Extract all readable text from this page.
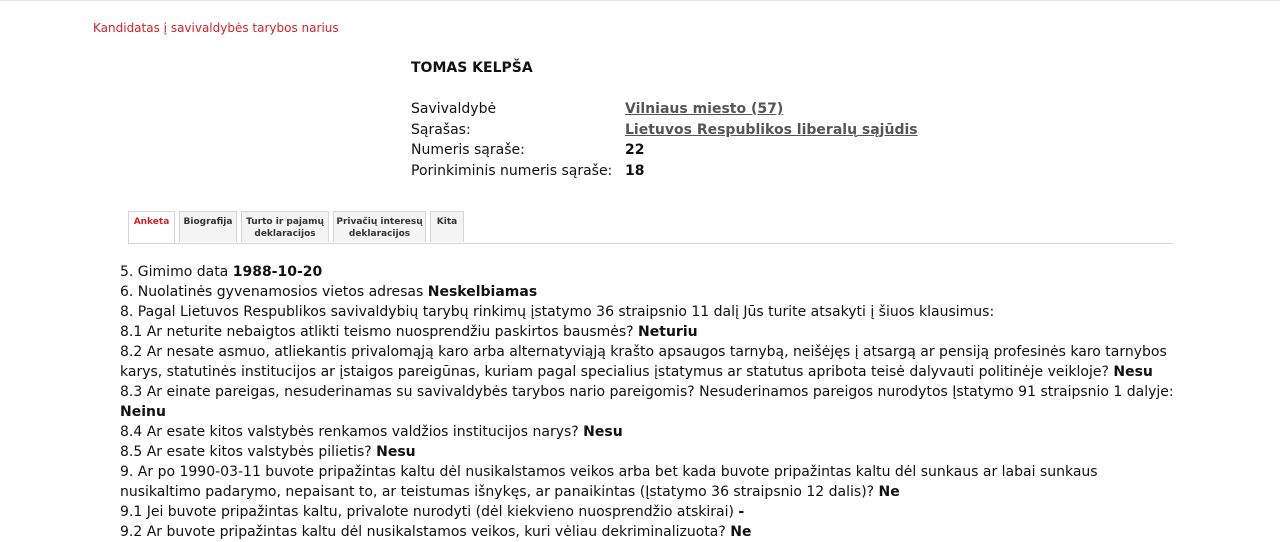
Kandidatas į savivaldybės tarybos narius
TOMAS KELPŠA
Savivaldybė	Vilniaus miesto (57)
Sąrašas:	Lietuvos Respublikos liberalų sąjūdis
Numeris sąraše:	22
Porinkiminis numeris sąraše: 18
Anketa	Biografija	Turto ir pajamų
deklaracijos
Privačių interesų
deklaracijos
Kita
5. Gimimo data 1988-10-20
6. Nuolatinės gyvenamosios vietos adresas Neskelbiamas
8. Pagal Lietuvos Respublikos savivaldybių tarybų rinkimų įstatymo 36 straipsnio 11 dalį Jūs turite atsakyti į šiuos klausimus:
8.1 Ar neturite nebaigtos atlikti teismo nuosprendžiu paskirtos bausmės? Neturiu
8.2 Ar nesate asmuo, atliekantis privalomąją karo arba alternatyviąją krašto apsaugos tarnybą, neišėjęs į atsargą ar pensiją profesinės karo tarnybos karys, statutinės institucijos ar įstaigos pareigūnas, kuriam pagal specialius įstatymus ar statutus apribota teisė dalyvauti politinėje veikloje? Nesu
8.3 Ar einate pareigas, nesuderinamas su savivaldybės tarybos nario pareigomis? Nesuderinamos pareigos nurodytos Įstatymo 91 straipsnio 1 dalyje: Neinu
8.4 Ar esate kitos valstybės renkamos valdžios institucijos narys? Nesu
8.5 Ar esate kitos valstybės pilietis? Nesu
9. Ar po 1990-03-11 buvote pripažintas kaltu dėl nusikalstamos veikos arba bet kada buvote pripažintas kaltu dėl sunkaus ar labai sunkaus nusikaltimo padarymo, nepaisant to, ar teistumas išnykęs, ar panaikintas (Įstatymo 36 straipsnio 12 dalis)? Ne
9.1 Jei buvote pripažintas kaltu, privalote nurodyti (dėl kiekvieno nuosprendžio atskirai) -
9.2 Ar buvote pripažintas kaltu dėl nusikalstamos veikos, kuri vėliau dekriminalizuota? Ne
